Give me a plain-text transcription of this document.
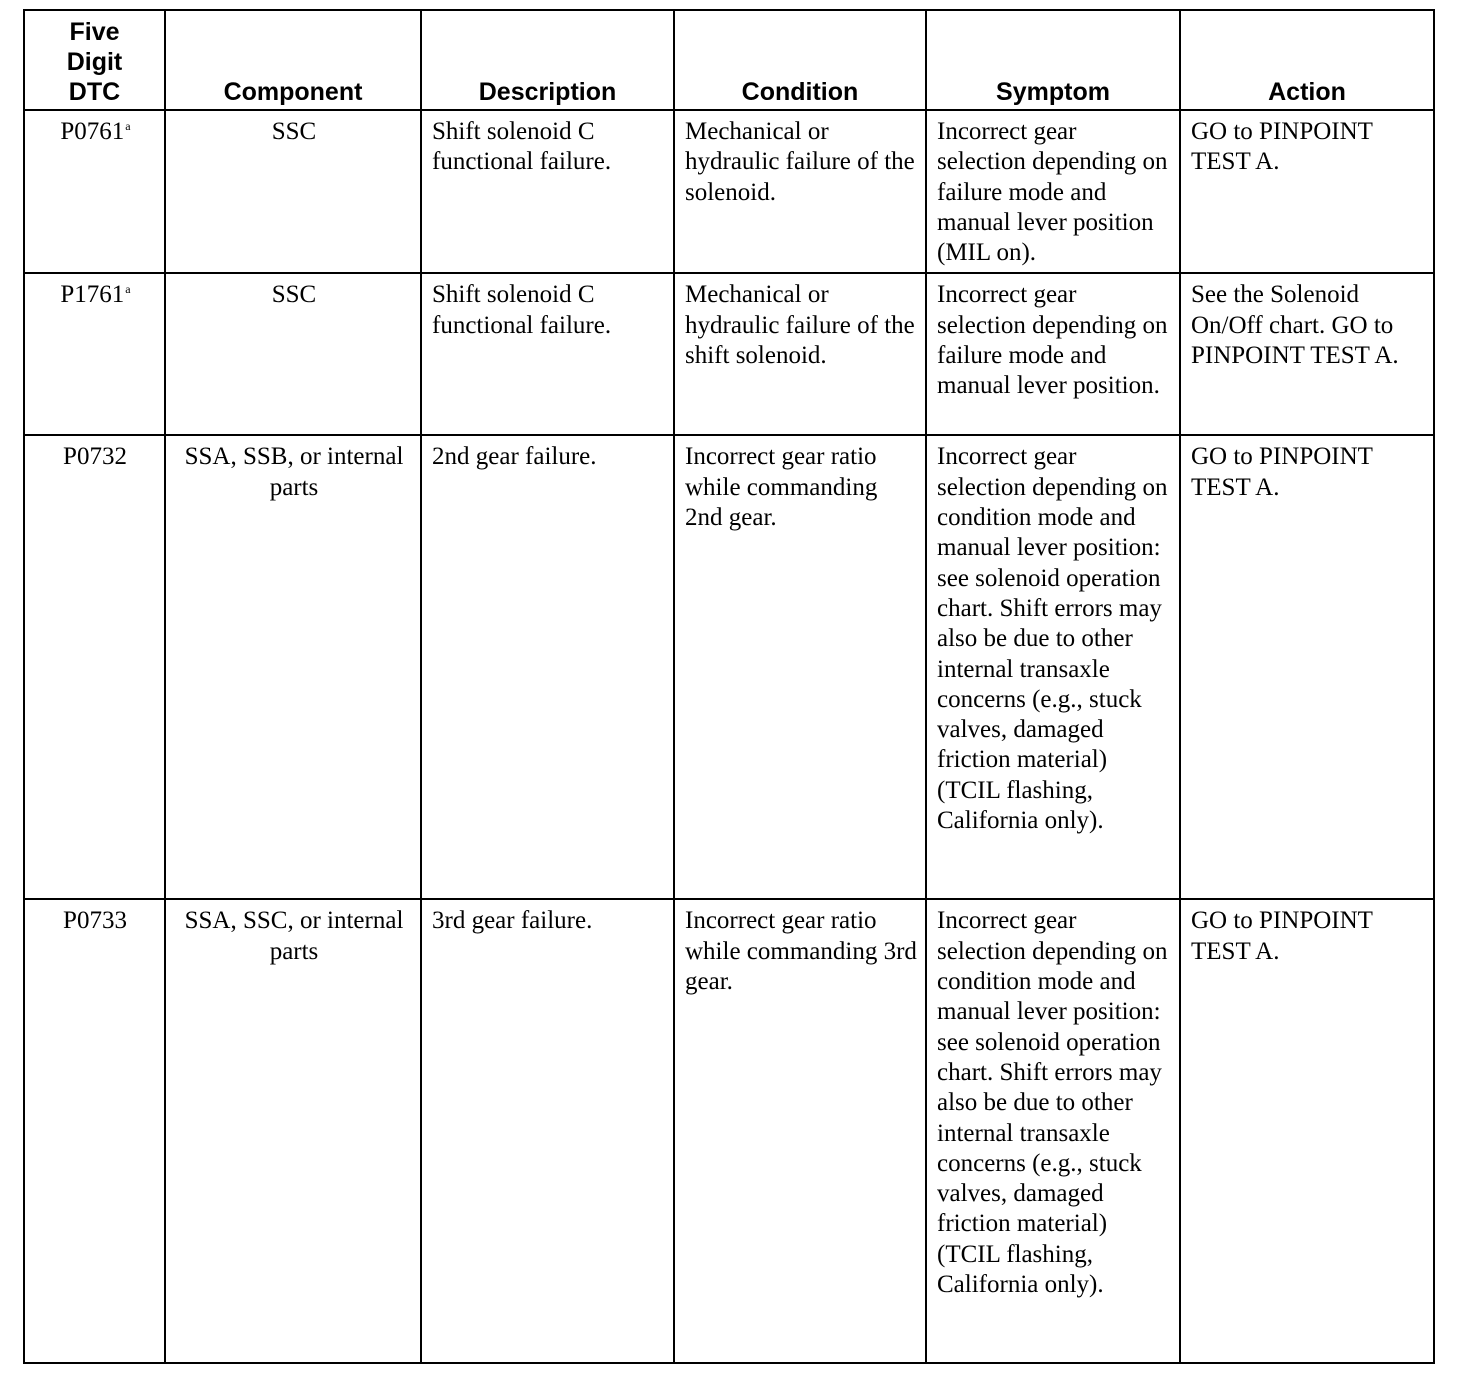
Five Digit DTC	Component	Description	Condition	Symptom	Action
P0761$^a$	SSC	Shift solenoid C functional failure.	Mechanical or hydraulic failure of the solenoid.	Incorrect gear selection depending on failure mode and manual lever position (MIL on).	GO to PINPOINT TEST A.
P1761$^a$	SSC	Shift solenoid C functional failure.	Mechanical or hydraulic failure of the shift solenoid.	Incorrect gear selection depending on failure mode and manual lever position.	See the Solenoid On/Off chart. GO to PINPOINT TEST A.
P0732	SSA, SSB, or internal parts	2nd gear failure.	Incorrect gear ratio while commanding 2nd gear.	Incorrect gear selection depending on condition mode and manual lever position: see solenoid operation chart. Shift errors may also be due to other internal transaxle concerns (e.g., stuck valves, damaged friction material) (TCIL flashing, California only).	GO to PINPOINT TEST A.
P0733	SSA, SSC, or internal parts	3rd gear failure.	Incorrect gear ratio while commanding 3rd gear.	Incorrect gear selection depending on condition mode and manual lever position: see solenoid operation chart. Shift errors may also be due to other internal transaxle concerns (e.g., stuck valves, damaged friction material) (TCIL flashing, California only).	GO to PINPOINT TEST A.
